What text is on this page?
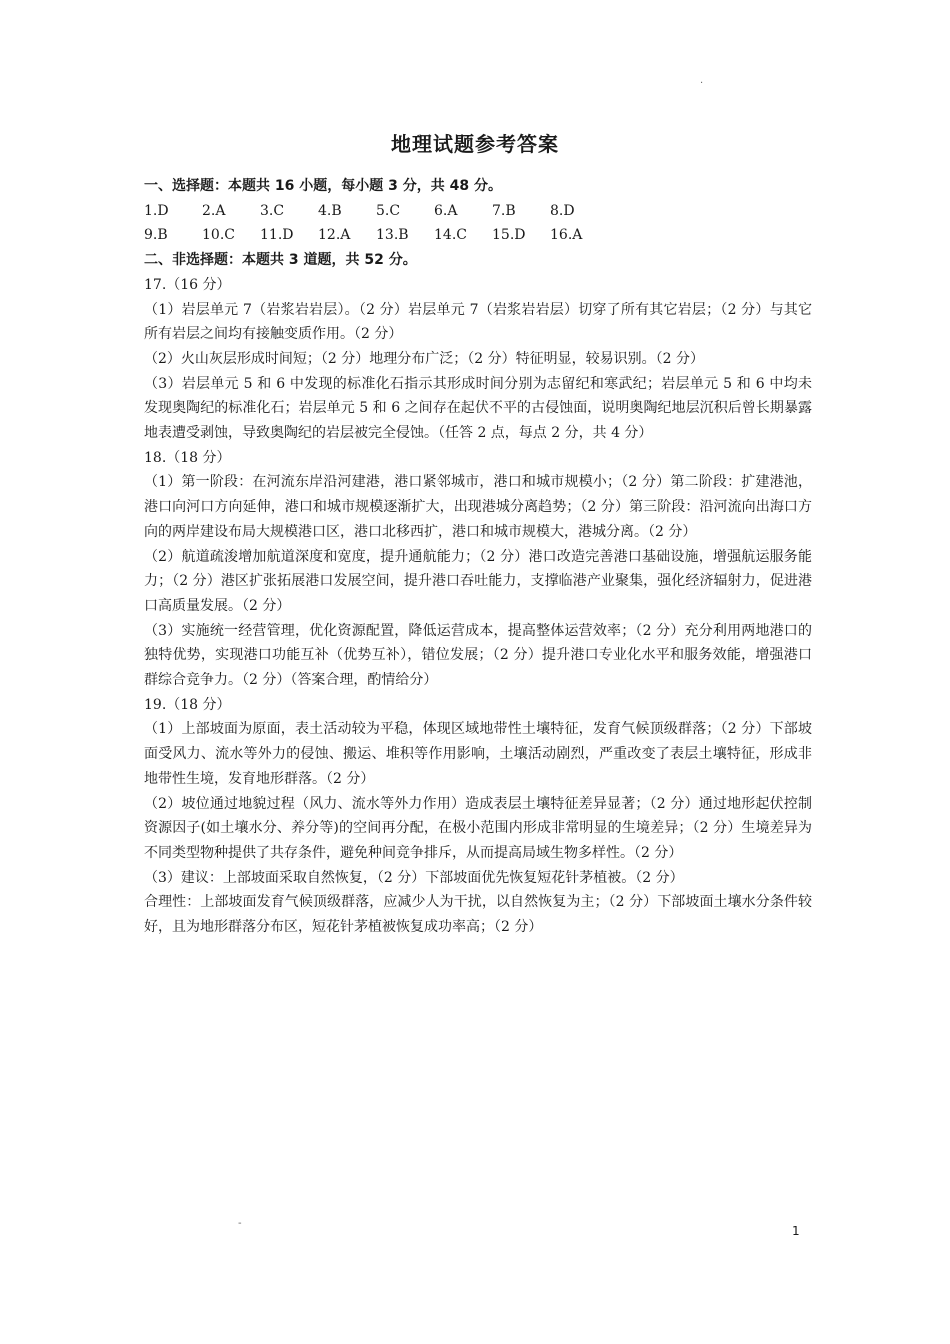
·
地理试题参考答案

一、选择题：本题共 16 小题，每小题 3 分，共 48 分。

1.D	2.A	3.C	4.B	5.C	6.A	7.B	8.D
9.B	10.C	11.D	12.A	13.B	14.C	15.D	16.A

二、非选择题：本题共 3 道题，共 52 分。

17.（16 分）

（1）岩层单元 7（岩浆岩岩层）。（2 分）岩层单元 7（岩浆岩岩层）切穿了所有其它岩层；（2 分）与其它所有岩层之间均有接触变质作用。（2 分）

（2）火山灰层形成时间短；（2 分）地理分布广泛；（2 分）特征明显，较易识别。（2 分）

（3）岩层单元 5 和 6 中发现的标准化石指示其形成时间分别为志留纪和寒武纪；岩层单元 5 和 6 中均未发现奥陶纪的标准化石；岩层单元 5 和 6 之间存在起伏不平的古侵蚀面，说明奥陶纪地层沉积后曾长期暴露地表遭受剥蚀，导致奥陶纪的岩层被完全侵蚀。（任答 2 点，每点 2 分，共 4 分）

18.（18 分）

（1）第一阶段：在河流东岸沿河建港，港口紧邻城市，港口和城市规模小；（2 分）第二阶段：扩建港池，港口向河口方向延伸，港口和城市规模逐渐扩大，出现港城分离趋势；（2 分）第三阶段：沿河流向出海口方向的两岸建设布局大规模港口区，港口北移西扩，港口和城市规模大，港城分离。（2 分）

（2）航道疏浚增加航道深度和宽度，提升通航能力；（2 分）港口改造完善港口基础设施，增强航运服务能力；（2 分）港区扩张拓展港口发展空间，提升港口吞吐能力，支撑临港产业聚集，强化经济辐射力，促进港口高质量发展。（2 分）

（3）实施统一经营管理，优化资源配置，降低运营成本，提高整体运营效率；（2 分）充分利用两地港口的独特优势，实现港口功能互补（优势互补），错位发展；（2 分）提升港口专业化水平和服务效能，增强港口群综合竞争力。（2 分）（答案合理，酌情给分）

19.（18 分）

（1）上部坡面为原面，表土活动较为平稳，体现区域地带性土壤特征，发育气候顶级群落；（2 分）下部坡面受风力、流水等外力的侵蚀、搬运、堆积等作用影响，土壤活动剧烈，严重改变了表层土壤特征，形成非地带性生境，发育地形群落。（2 分）

（2）坡位通过地貌过程（风力、流水等外力作用）造成表层土壤特征差异显著；（2 分）通过地形起伏控制资源因子(如土壤水分、养分等)的空间再分配，在极小范围内形成非常明显的生境差异；（2 分）生境差异为不同类型物种提供了共存条件，避免种间竞争排斥，从而提高局域生物多样性。（2 分）

（3）建议：上部坡面采取自然恢复，（2 分）下部坡面优先恢复短花针茅植被。（2 分）

合理性：上部坡面发育气候顶级群落，应减少人为干扰，以自然恢复为主；（2 分）下部坡面土壤水分条件较好，且为地形群落分布区，短花针茅植被恢复成功率高；（2 分）

-
1
